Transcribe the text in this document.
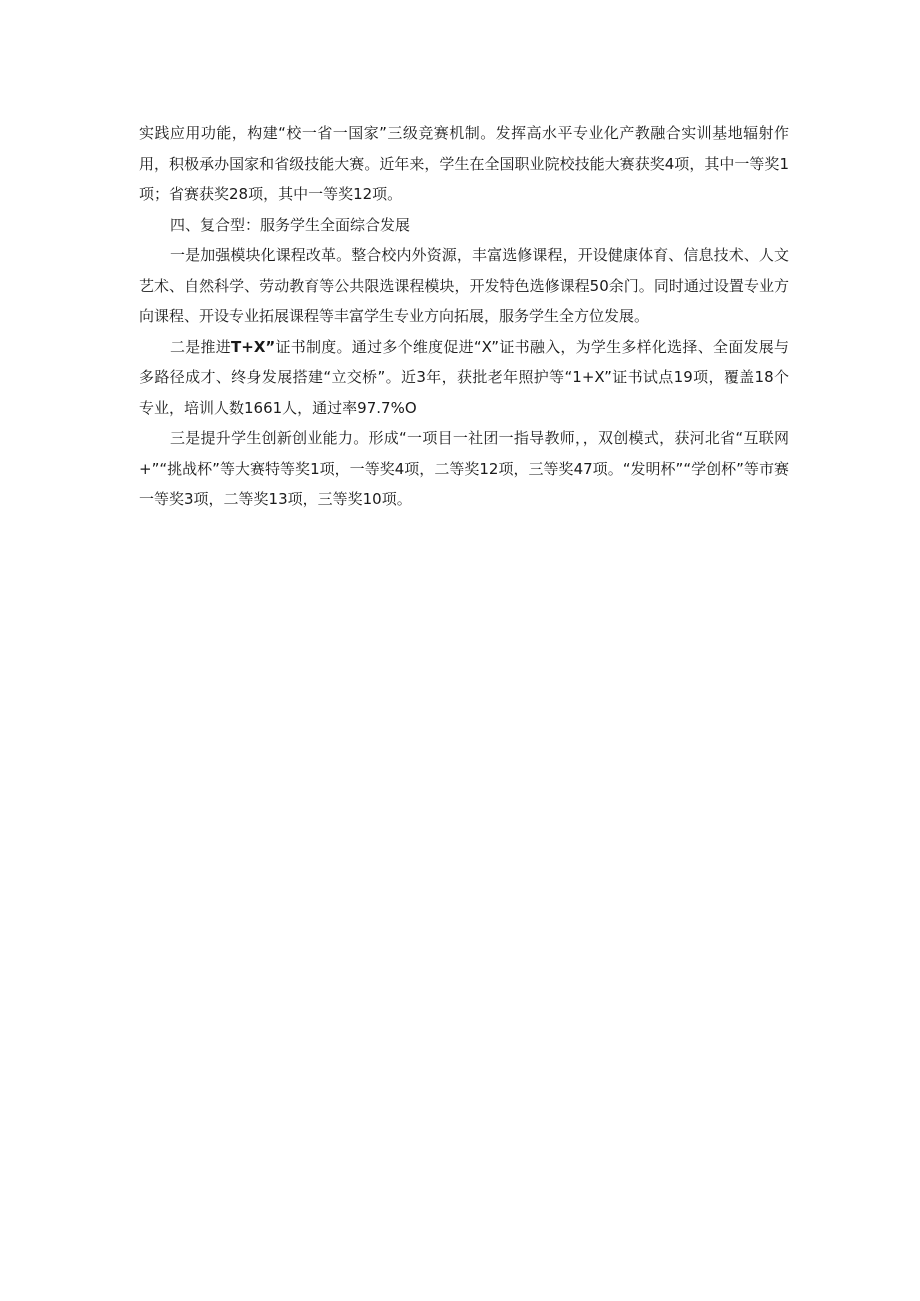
实践应用功能，构建“校一省一国家”三级竞赛机制。发挥高水平专业化产教融合实训基地辐射作用，积极承办国家和省级技能大赛。近年来，学生在全国职业院校技能大赛获奖4项，其中一等奖1项；省赛获奖28项，其中一等奖12项。

四、复合型：服务学生全面综合发展

一是加强模块化课程改革。整合校内外资源，丰富选修课程，开设健康体育、信息技术、人文艺术、自然科学、劳动教育等公共限选课程模块，开发特色选修课程50余门。同时通过设置专业方向课程、开设专业拓展课程等丰富学生专业方向拓展，服务学生全方位发展。

二是推进T+X”证书制度。通过多个维度促进“X”证书融入，为学生多样化选择、全面发展与多路径成才、终身发展搭建“立交桥”。近3年，获批老年照护等“1+X”证书试点19项，覆盖18个专业，培训人数1661人，通过率97.7%O

三是提升学生创新创业能力。形成“一项目一社团一指导教师，，双创模式，获河北省“互联网+”“挑战杯”等大赛特等奖1项，一等奖4项，二等奖12项，三等奖47项。“发明杯”“学创杯”等市赛一等奖3项，二等奖13项，三等奖10项。
